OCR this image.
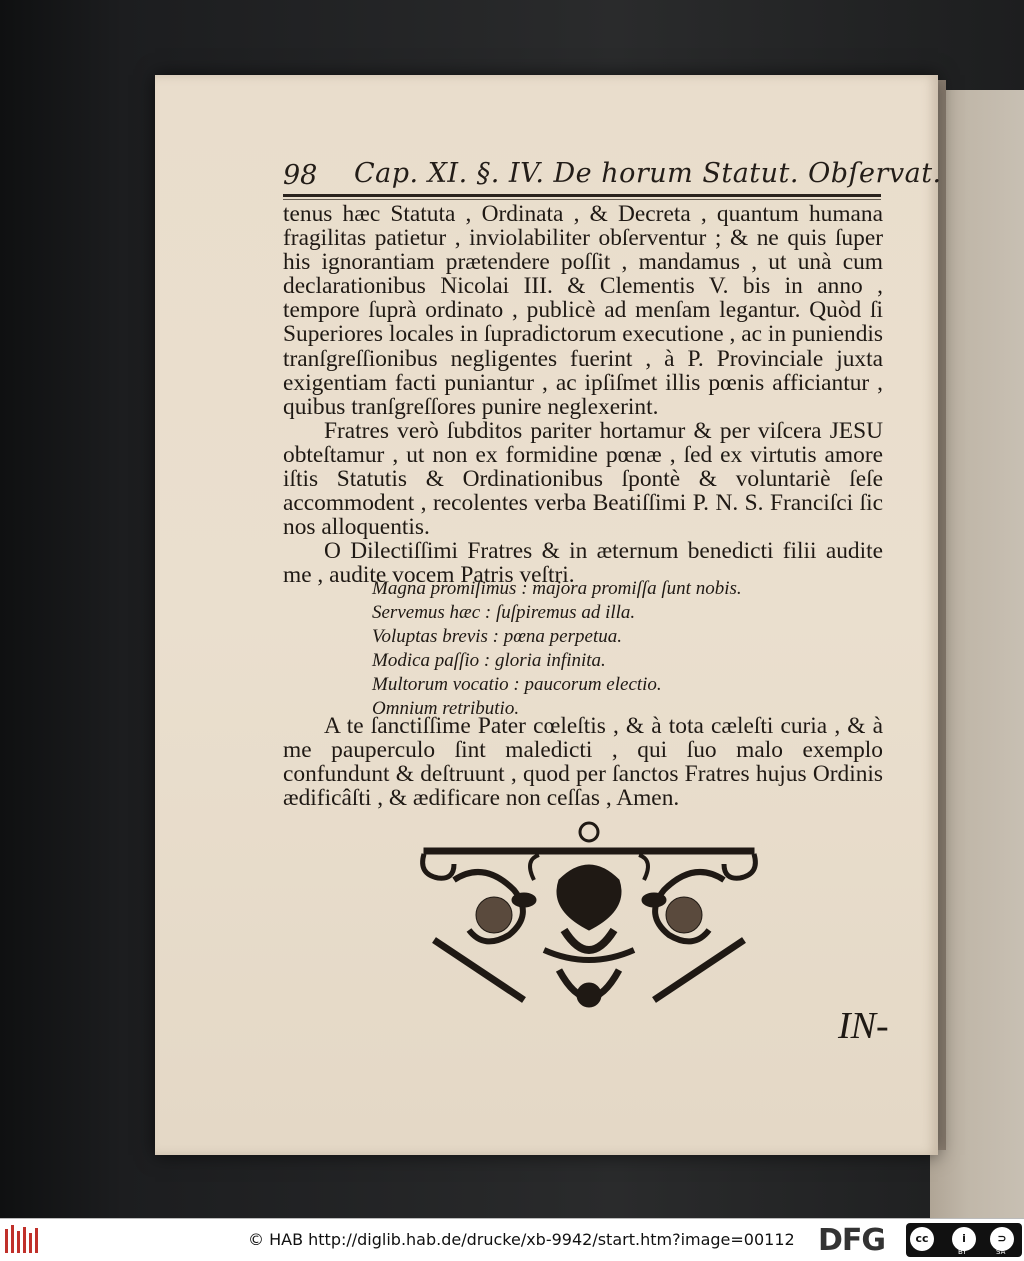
98 Cap. XI. §. IV. De horum Statut. Obſervat.

tenus hæc Statuta , Ordinata , & Decreta , quantum humana fragilitas patietur , inviolabiliter obſerventur ; & ne quis ſuper his ignorantiam prætendere poſſit , mandamus , ut unà cum declarationibus Nicolai III. & Clementis V. bis in anno , tempore ſuprà ordinato , publicè ad menſam legantur. Quòd ſi Superiores locales in ſupradictorum executione , ac in puniendis tranſgreſſionibus negligentes fuerint , à P. Provinciale juxta exigentiam facti puniantur , ac ipſiſmet illis pœnis afficiantur , quibus tranſgreſſores punire neglexerint.

Fratres verò ſubditos pariter hortamur & per viſcera JESU obteſtamur , ut non ex formidine pœnæ , ſed ex virtutis amore iſtis Statutis & Ordinationibus ſpontè & voluntariè ſeſe accommodent , recolentes verba Beatiſſimi P. N. S. Franciſci ſic nos alloquentis.

O Dilectiſſimi Fratres & in æternum benedicti filii audite me , audite vocem Patris veſtri.

Magna promiſimus : majora promiſſa ſunt nobis.
Servemus hæc : ſuſpiremus ad illa.
Voluptas brevis : pœna perpetua.
Modica paſſio : gloria infinita.
Multorum vocatio : paucorum electio.
Omnium retributio.

A te ſanctiſſime Pater cœleſtis , & à tota cæleſti curia , & à me pauperculo ſint maledicti , qui ſuo malo exemplo confundunt & deſtruunt , quod per ſanctos Fratres hujus Ordinis ædificâſti , & ædificare non ceſſas , Amen.

IN-
© HAB http://diglib.hab.de/drucke/xb-9942/start.htm?image=00112 DFG	cc	i	⊃
BY	SA
